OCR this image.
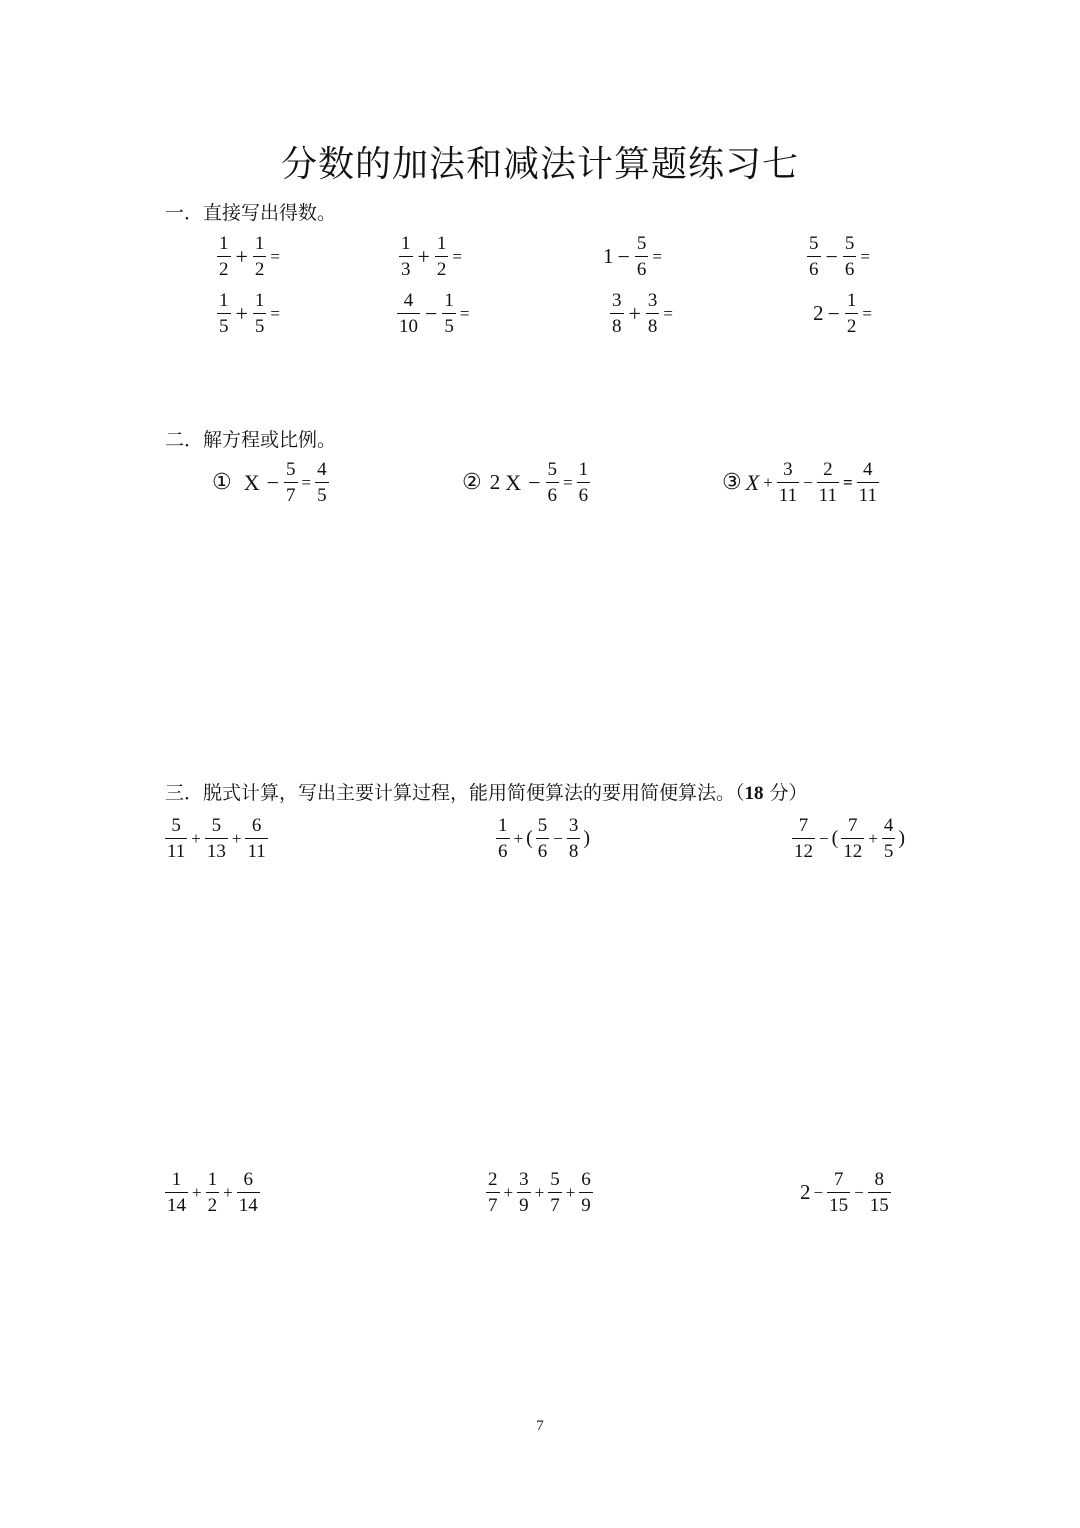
分数的加法和减法计算题练习七
一．直接写出得数。
$\frac{1}{2} + \frac{1}{2}$ =	$\frac{1}{3} + \frac{1}{2}$ =	$1 - \frac{5}{6}$ =	$\frac{5}{6} - \frac{5}{6}$ =
$\frac{1}{5} + \frac{1}{5}$ =	$\frac{4}{10} - \frac{1}{5}$ =	$\frac{3}{8} + \frac{3}{8}$ =	$2 - \frac{1}{2}$ =
二．解方程或比例。
① $X - \frac{5}{7} = \frac{4}{5}$	② 2 $X - \frac{5}{6} = \frac{1}{6}$	③ $X + \frac{3}{11} - \frac{2}{11} = \frac{4}{11}$
三．脱式计算，写出主要计算过程，能用简便算法的要用简便算法。（18 分）
$\frac{5}{11} + \frac{5}{13} + \frac{6}{11}$	$\frac{1}{6}$ + ( $\frac{5}{6} - \frac{3}{8}$ )	$\frac{7}{12}$ − ( $\frac{7}{12} + \frac{4}{5}$ )
$\frac{1}{14} + \frac{1}{2} + \frac{6}{14}$	$\frac{2}{7} + \frac{3}{9} + \frac{5}{7} + \frac{6}{9}$	$2 - \frac{7}{15} - \frac{8}{15}$
7
